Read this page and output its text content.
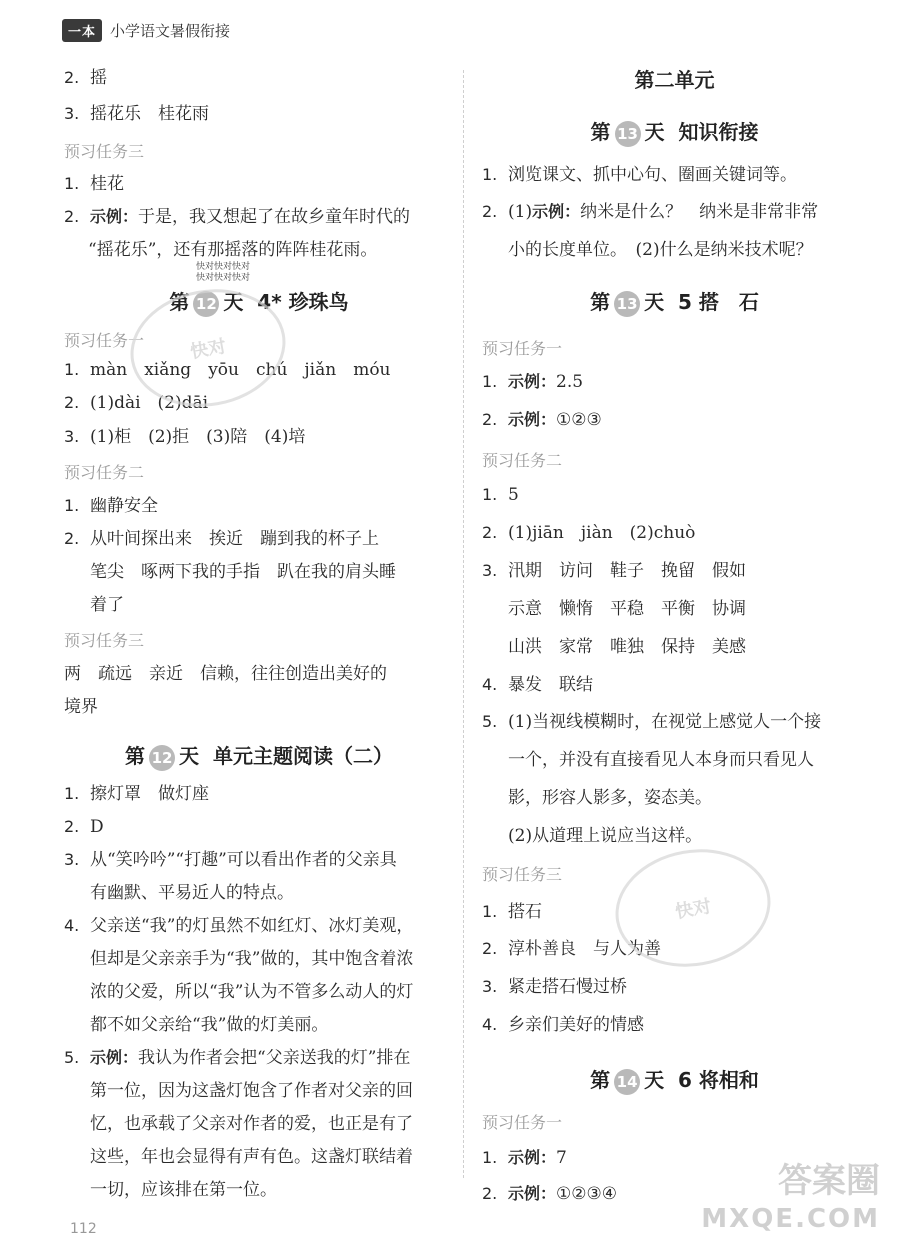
一本 小学语文暑假衔接
2. 摇
3. 摇花乐　桂花雨
预习任务三
1. 桂花
2. 示例：于是，我又想起了在故乡童年时代的
“摇花乐”，还有那摇落的阵阵桂花雨。
第 12 天 4* 珍珠鸟
预习任务一
1. màn　xiǎng　yōu　chú　jiǎn　móu
2. (1)dài　(2)dāi
3. (1)柜　(2)拒　(3)陪　(4)培
预习任务二
1. 幽静安全
2. 从叶间探出来　挨近　蹦到我的杯子上
笔尖　啄两下我的手指　趴在我的肩头睡
着了
预习任务三
两　疏远　亲近　信赖，往往创造出美好的
境界
第 12 天 单元主题阅读（二）
1. 擦灯罩　做灯座
2. D
3. 从“笑吟吟”“打趣”可以看出作者的父亲具
有幽默、平易近人的特点。
4. 父亲送“我”的灯虽然不如红灯、冰灯美观，
但却是父亲亲手为“我”做的，其中饱含着浓
浓的父爱，所以“我”认为不管多么动人的灯
都不如父亲给“我”做的灯美丽。
5. 示例：我认为作者会把“父亲送我的灯”排在
第一位，因为这盏灯饱含了作者对父亲的回
忆，也承载了父亲对作者的爱，也正是有了
这些，年也会显得有声有色。这盏灯联结着
一切，应该排在第一位。
第二单元
第 13 天 知识衔接
1. 浏览课文、抓中心句、圈画关键词等。
2. (1)示例：纳米是什么？　纳米是非常非常
小的长度单位。　(2)什么是纳米技术呢？
第 13 天 5 搭　石
预习任务一
1. 示例：2.5
2. 示例：①②③
预习任务二
1. 5
2. (1)jiān　jiàn　(2)chuò
3. 汛期　访问　鞋子　挽留　假如
示意　懒惰　平稳　平衡　协调
山洪　家常　唯独　保持　美感
4. 暴发　联结
5. (1)当视线模糊时，在视觉上感觉人一个接
一个，并没有直接看见人本身而只看见人
影，形容人影多，姿态美。
(2)从道理上说应当这样。
预习任务三
1. 搭石
2. 淳朴善良　与人为善
3. 紧走搭石慢过桥
4. 乡亲们美好的情感
第 14 天 6 将相和
预习任务一
1. 示例：7
2. 示例：①②③④
快对
快对
快对快对快对
快对快对快对
112
答案圈
MXQE.COM
